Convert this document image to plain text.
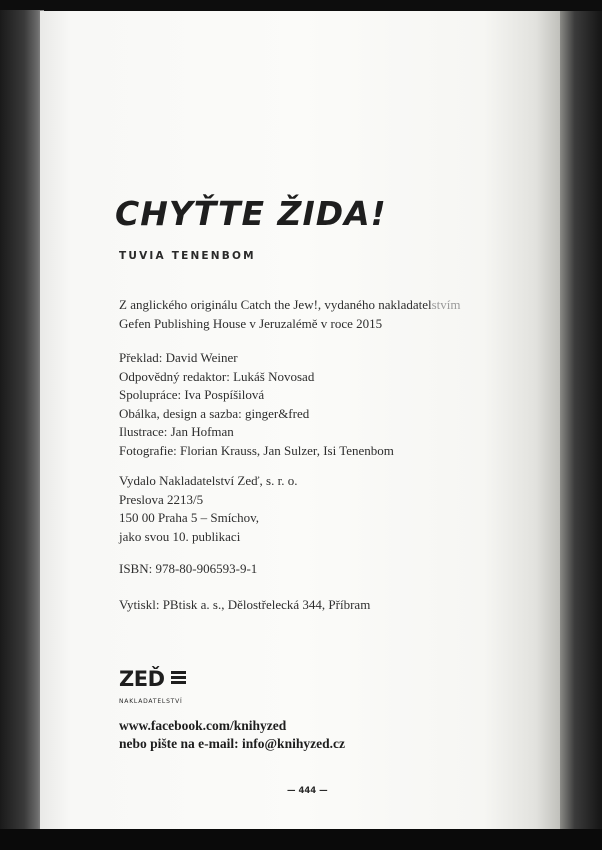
CHYŤTE ŽIDA!

TUVIA TENENBOM

Z anglického originálu Catch the Jew!, vydaného nakladatelstvím
Gefen Publishing House v Jeruzalémě v roce 2015
Překlad: David Weiner
Odpovědný redaktor: Lukáš Novosad
Spolupráce: Iva Pospíšilová
Obálka, design a sazba: ginger&fred
Ilustrace: Jan Hofman
Fotografie: Florian Krauss, Jan Sulzer, Isi Tenenbom
Vydalo Nakladatelství Zeď, s. r. o.
Preslova 2213/5
150 00 Praha 5 – Smíchov,
jako svou 10. publikaci
ISBN: 978-80-906593-9-1
Vytiskl: PBtisk a. s., Dělostřelecká 344, Příbram
ZEĎ
NAKLADATELSTVÍ
www.facebook.com/knihyzed
nebo pište na e-mail: info@knihyzed.cz
— 444 —
